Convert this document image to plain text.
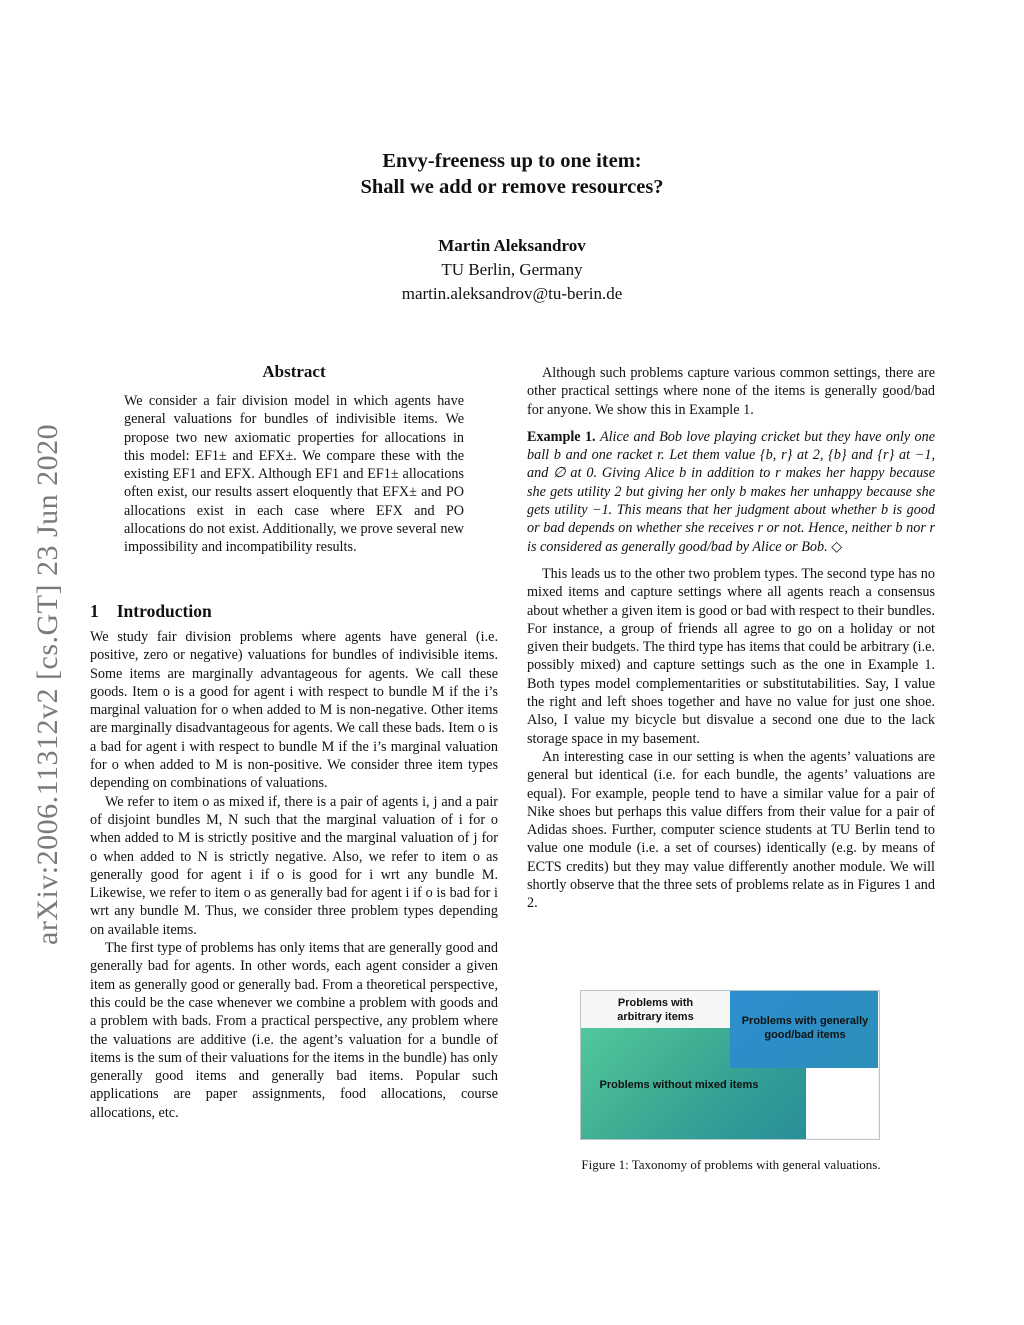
Envy-freeness up to one item:
Shall we add or remove resources?
Martin Aleksandrov
TU Berlin, Germany
martin.aleksandrov@tu-berin.de
arXiv:2006.11312v2 [cs.GT] 23 Jun 2020
Abstract
We consider a fair division model in which agents have general valuations for bundles of indivisible items. We propose two new axiomatic properties for allocations in this model: EF1± and EFX±. We compare these with the existing EF1 and EFX. Although EF1 and EF1± allocations often exist, our results assert eloquently that EFX± and PO allocations exist in each case where EFX and PO allocations do not exist. Additionally, we prove several new impossibility and incompatibility results.
1 Introduction

We study fair division problems where agents have general (i.e. positive, zero or negative) valuations for bundles of indivisible items. Some items are marginally advantageous for agents. We call these goods. Item o is a good for agent i with respect to bundle M if the i’s marginal valuation for o when added to M is non-negative. Other items are marginally disadvantageous for agents. We call these bads. Item o is a bad for agent i with respect to bundle M if the i’s marginal valuation for o when added to M is non-positive. We consider three item types depending on combinations of valuations.

We refer to item o as mixed if, there is a pair of agents i, j and a pair of disjoint bundles M, N such that the marginal valuation of i for o when added to M is strictly positive and the marginal valuation of j for o when added to N is strictly negative. Also, we refer to item o as generally good for agent i if o is good for i wrt any bundle M. Likewise, we refer to item o as generally bad for agent i if o is bad for i wrt any bundle M. Thus, we consider three problem types depending on available items.

The first type of problems has only items that are generally good and generally bad for agents. In other words, each agent consider a given item as generally good or generally bad. From a theoretical perspective, this could be the case whenever we combine a problem with goods and a problem with bads. From a practical perspective, any problem where the valuations are additive (i.e. the agent’s valuation for a bundle of items is the sum of their valuations for the items in the bundle) has only generally good items and generally bad items. Popular such applications are paper assignments, food allocations, course allocations, etc.

Although such problems capture various common settings, there are other practical settings where none of the items is generally good/bad for anyone. We show this in Example 1.

Example 1. Alice and Bob love playing cricket but they have only one ball b and one racket r. Let them value {b, r} at 2, {b} and {r} at −1, and ∅ at 0. Giving Alice b in addition to r makes her happy because she gets utility 2 but giving her only b makes her unhappy because she gets utility −1. This means that her judgment about whether b is good or bad depends on whether she receives r or not. Hence, neither b nor r is considered as generally good/bad by Alice or Bob. ◇

This leads us to the other two problem types. The second type has no mixed items and capture settings where all agents reach a consensus about whether a given item is good or bad with respect to their bundles. For instance, a group of friends all agree to go on a holiday or not given their budgets. The third type has items that could be arbitrary (i.e. possibly mixed) and capture settings such as the one in Example 1. Both types model complementarities or substitutabilities. Say, I value the right and left shoes together and have no value for just one shoe. Also, I value my bicycle but disvalue a second one due to the lack storage space in my basement.

An interesting case in our setting is when the agents’ valuations are general but identical (i.e. for each bundle, the agents’ valuations are equal). For example, people tend to have a similar value for a pair of Nike shoes but perhaps this value differs from their value for a pair of Adidas shoes. Further, computer science students at TU Berlin tend to value one module (i.e. a set of courses) identically (e.g. by means of ECTS credits) but they may value differently another module. We will shortly observe that the three sets of problems relate as in Figures 1 and 2.

Problems with arbitrary items	Problems with generally good/bad items
Problems without mixed items
Figure 1: Taxonomy of problems with general valuations.
